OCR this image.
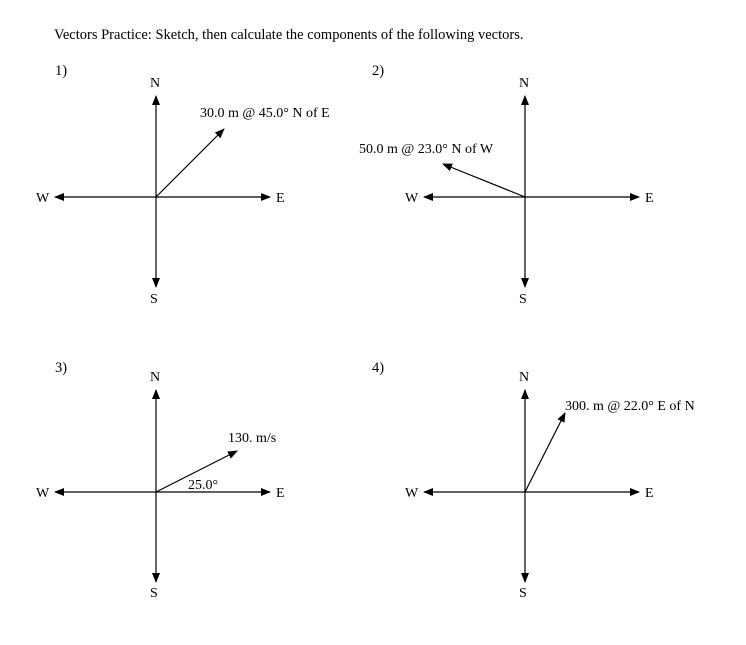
Vectors Practice: Sketch, then calculate the components of the following vectors.
1)	2)
3)	4)
N
S
E
W
30.0 m @ 45.0° N of E
N
S
E
W
50.0 m @ 23.0° N of W
N
S
E
W
130. m/s
25.0°
N
S
E
W
300. m @ 22.0° E of N
